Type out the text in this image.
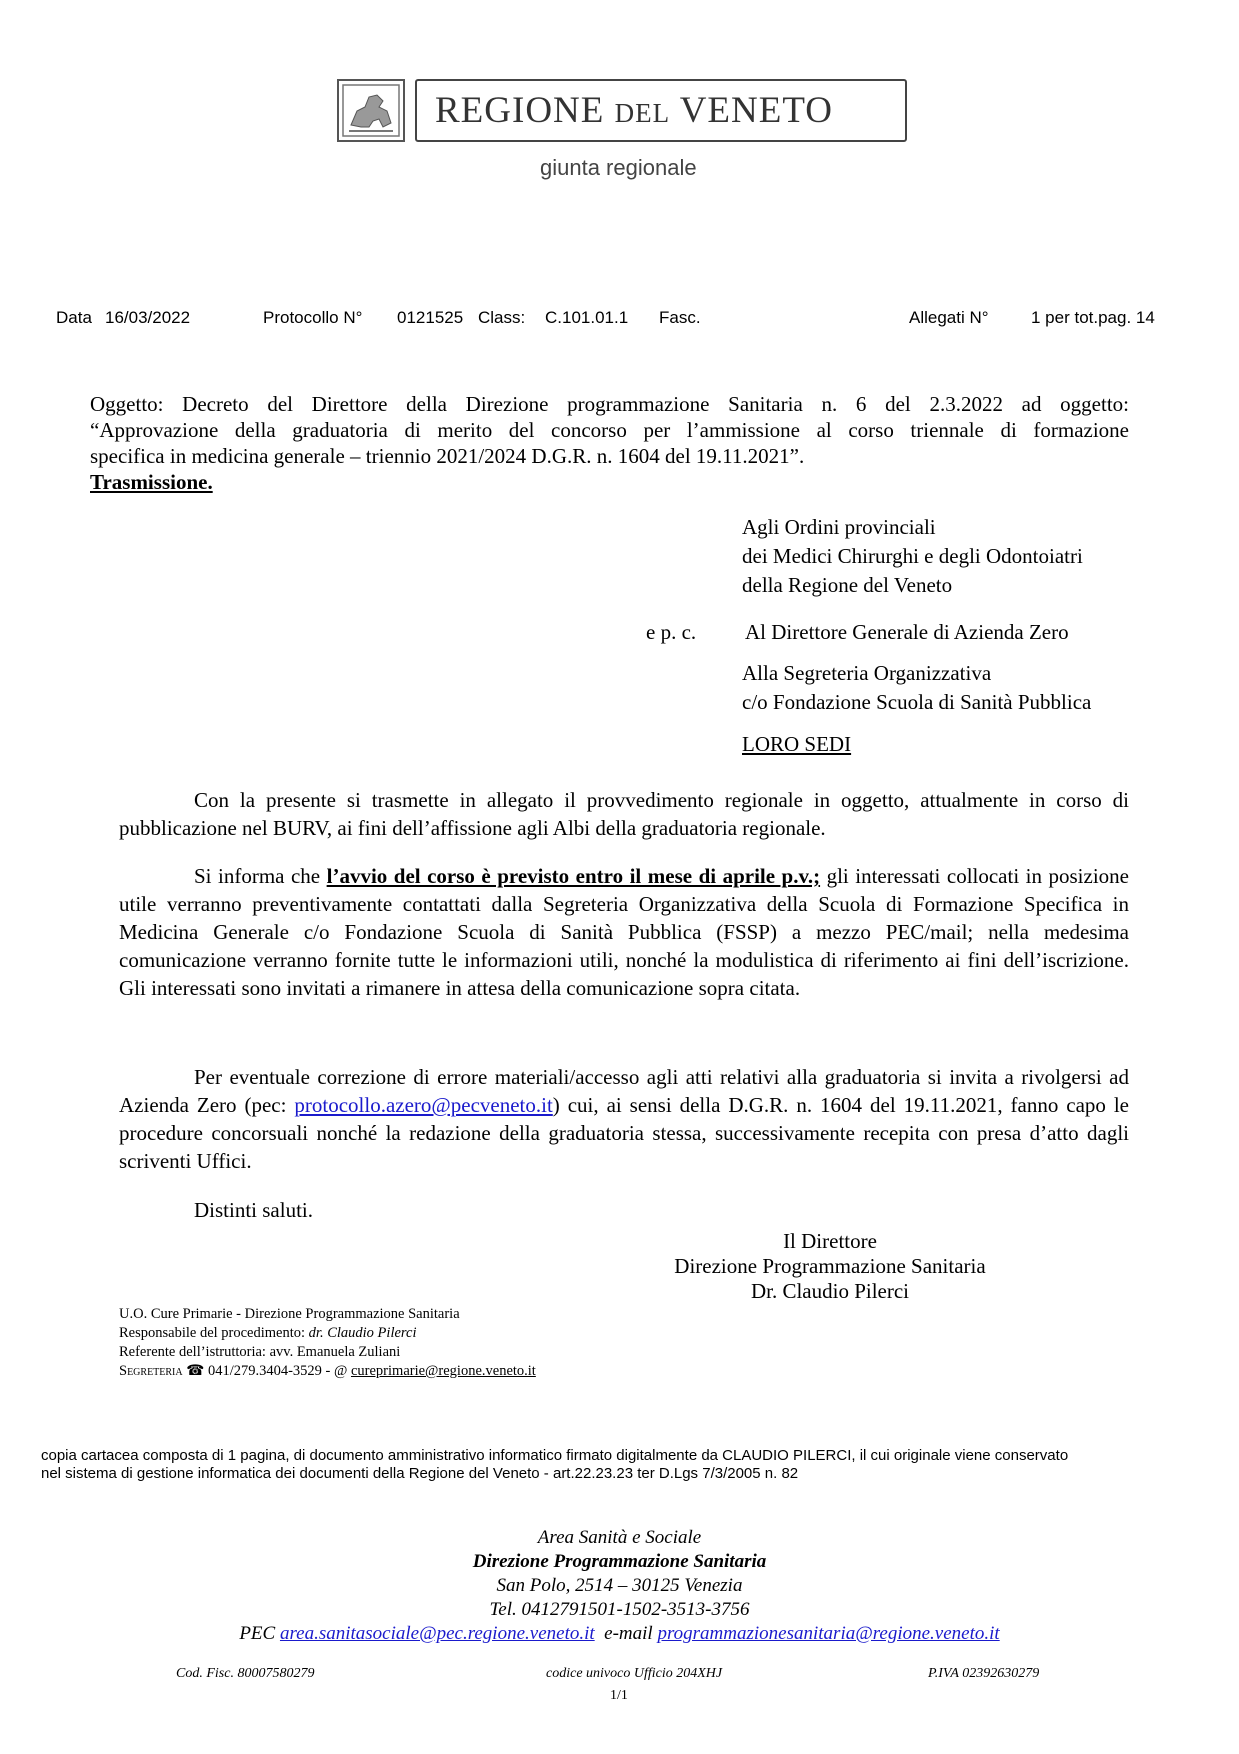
REGIONE DEL VENETO
giunta regionale
Data 16/03/2022	Protocollo N° 0121525 Class: C.101.01.1 Fasc.	Allegati N° 1 per tot.pag. 14
Oggetto: Decreto del Direttore della Direzione programmazione Sanitaria n. 6 del 2.3.2022 ad oggetto:
“Approvazione della graduatoria di merito del concorso per l’ammissione al corso triennale di formazione
specifica in medicina generale – triennio 2021/2024 D.G.R. n. 1604 del 19.11.2021”.
Trasmissione.
Agli Ordini provinciali
dei Medici Chirurghi e degli Odontoiatri
della Regione del Veneto
e p. c. Al Direttore Generale di Azienda Zero
Alla Segreteria Organizzativa
c/o Fondazione Scuola di Sanità Pubblica
LORO SEDI
Con la presente si trasmette in allegato il provvedimento regionale in oggetto, attualmente in corso di pubblicazione nel BURV, ai fini dell’affissione agli Albi della graduatoria regionale.
Si informa che l’avvio del corso è previsto entro il mese di aprile p.v.; gli interessati collocati in posizione utile verranno preventivamente contattati dalla Segreteria Organizzativa della Scuola di Formazione Specifica in Medicina Generale c/o Fondazione Scuola di Sanità Pubblica (FSSP) a mezzo PEC/mail; nella medesima comunicazione verranno fornite tutte le informazioni utili, nonché la modulistica di riferimento ai fini dell’iscrizione. Gli interessati sono invitati a rimanere in attesa della comunicazione sopra citata.
Per eventuale correzione di errore materiali/accesso agli atti relativi alla graduatoria si invita a rivolgersi ad Azienda Zero (pec: protocollo.azero@pecveneto.it) cui, ai sensi della D.G.R. n. 1604 del 19.11.2021, fanno capo le procedure concorsuali nonché la redazione della graduatoria stessa, successivamente recepita con presa d’atto dagli scriventi Uffici.
Distinti saluti.
Il Direttore
Direzione Programmazione Sanitaria
Dr. Claudio Pilerci
U.O. Cure Primarie - Direzione Programmazione Sanitaria
Responsabile del procedimento: dr. Claudio Pilerci
Referente dell’istruttoria: avv. Emanuela Zuliani
Segreteria ☎ 041/279.3404-3529 - @ cureprimarie@regione.veneto.it
copia cartacea composta di 1 pagina, di documento amministrativo informatico firmato digitalmente da CLAUDIO PILERCI, il cui originale viene conservato
nel sistema di gestione informatica dei documenti della Regione del Veneto - art.22.23.23 ter D.Lgs 7/3/2005 n. 82
Area Sanità e Sociale
Direzione Programmazione Sanitaria
San Polo, 2514 – 30125 Venezia
Tel. 0412791501-1502-3513-3756
PEC area.sanitasociale@pec.regione.veneto.it  e-mail programmazionesanitaria@regione.veneto.it
Cod. Fisc. 80007580279	codice univoco Ufficio 204XHJ	P.IVA 02392630279
1/1
